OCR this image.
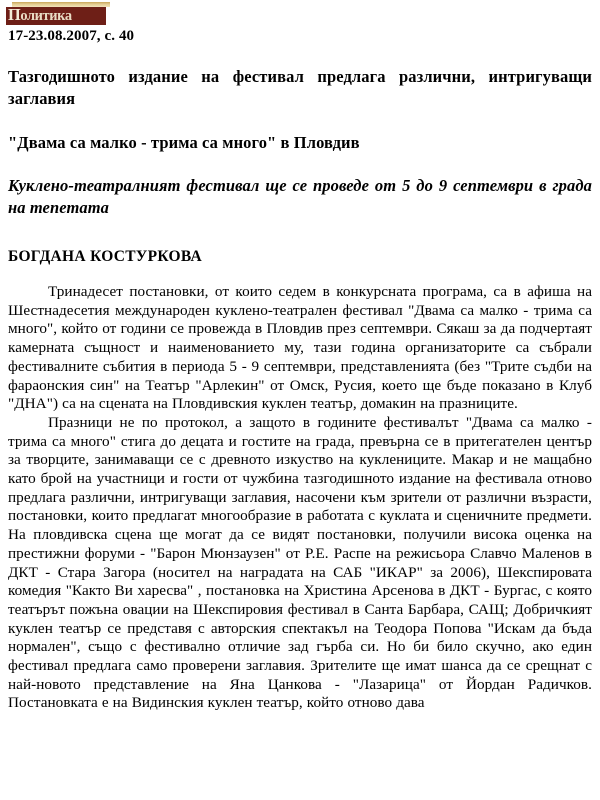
Политика
17-23.08.2007, с. 40
Тазгодишното издание на фестивал предлага различни, интригуващи заглавия
"Двама са малко - трима са много" в Пловдив
Кукленo-театралният фестивал ще се проведе от 5 до 9 септември в града на тепетата
БОГДАНА КОСТУРКОВА

Тринадесет постановки, от които седем в конкурсната програма, са в афиша на Шестнадесетия международен куклено-театрален фестивал "Двама са малко - трима са много", който от години се провежда в Пловдив през септември. Сякаш за да подчертаят камерната същност и наименованието му, тази година организаторите са събрали фестивалните събития в периода 5 - 9 септември, представленията (без "Трите съдби на фараонския син" на Театър "Арлекин" от Омск, Русия, което ще бъде показано в Клуб "ДНА") са на сцената на Пловдивския куклен театър, домакин на празниците.

Празници не по протокол, а защото в годините фестивалът "Двама са малко - трима са много" стига до децата и гостите на града, превърна се в притегателен център за творците, занимаващи се с древното изкуство на куклениците. Макар и не мащабно като брой на участници и гости от чужбина тазгодишното издание на фестивала отново предлага различни, интригуващи заглавия, насочени към зрители от различни възрасти, постановки, които предлагат многообразие в работата с куклата и сценичните предмети. На пловдивска сцена ще могат да се видят постановки, получили висока оценка на престижни форуми - "Барон Мюнзаузен" от Р.Е. Распе на режисьора Славчо Маленов в ДКТ - Стара Загора (носител на наградата на САБ "ИКАР" за 2006), Шекспировата комедия "Както Ви харесва" , постановка на Христина Арсенова в ДКТ - Бургас, с която театърът пожъна овации на Шекспировия фестивал в Санта Барбара, САЩ; Добричкият куклен театър се представя с авторския спектакъл на Теодора Попова "Искам да бъда нормален", също с фестивално отличие зад гърба си. Но би било скучно, ако един фестивал предлага само проверени заглавия. Зрителите ще имат шанса да се срещнат с най-новото представление на Яна Цанкова - "Лазарица" от Йордан Радичков. Постановката е на Видинския куклен театър, който отново дава
